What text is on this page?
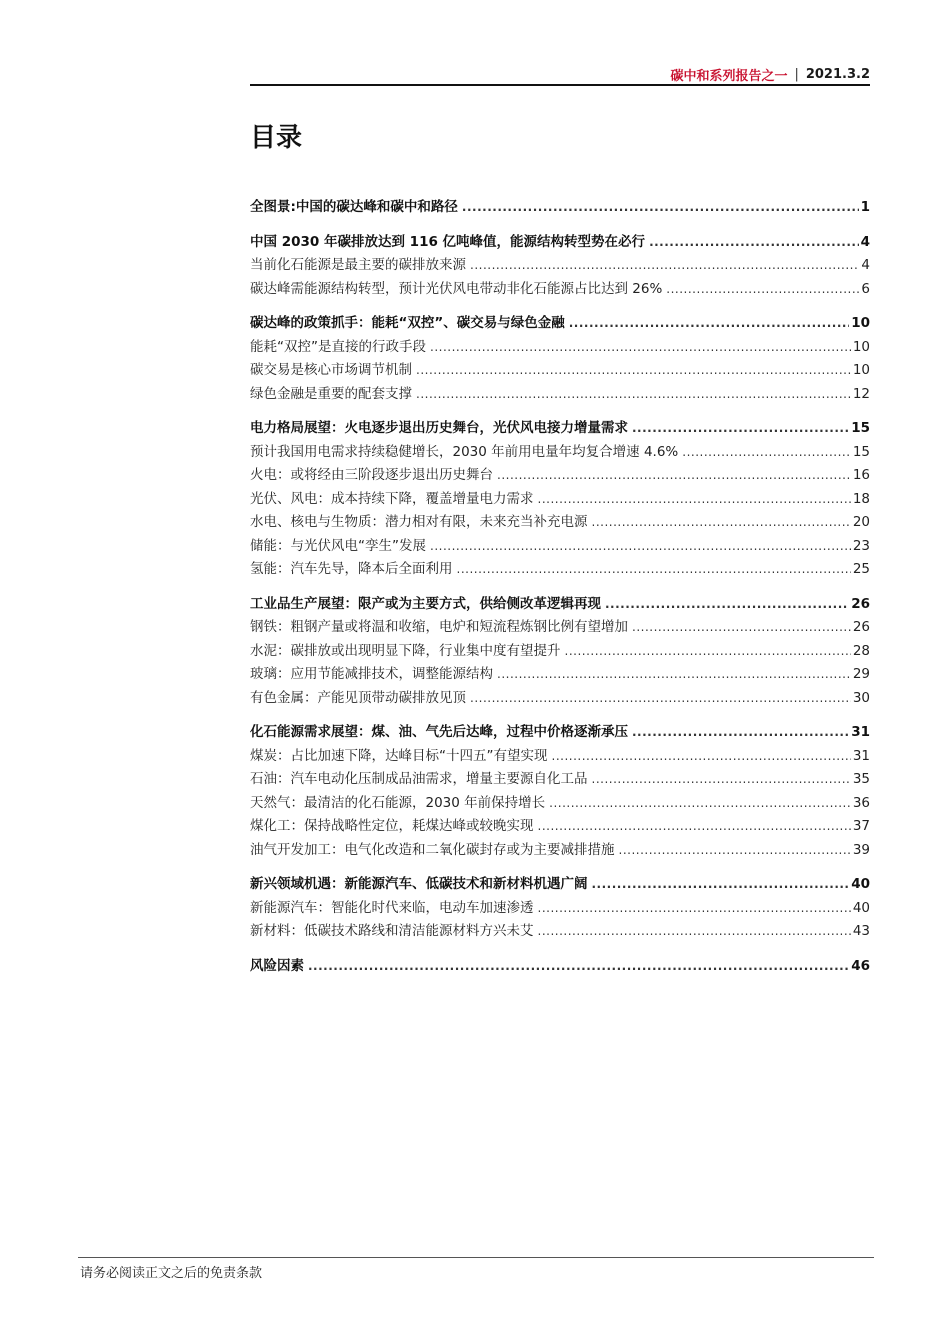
碳中和系列报告之一 | 2021.3.2
目录
全图景:中国的碳达峰和碳中和路径 .....	1
中国 2030 年碳排放达到 116 亿吨峰值，能源结构转型势在必行 .....	4
当前化石能源是最主要的碳排放来源 .....	4
碳达峰需能源结构转型，预计光伏风电带动非化石能源占比达到 26% .....	6
碳达峰的政策抓手：能耗“双控”、碳交易与绿色金融 .....	10
能耗“双控”是直接的行政手段 .....	10
碳交易是核心市场调节机制 .....	10
绿色金融是重要的配套支撑 .....	12
电力格局展望：火电逐步退出历史舞台，光伏风电接力增量需求 .....	15
预计我国用电需求持续稳健增长，2030 年前用电量年均复合增速 4.6% .....	15
火电：或将经由三阶段逐步退出历史舞台 .....	16
光伏、风电：成本持续下降，覆盖增量电力需求 .....	18
水电、核电与生物质：潜力相对有限，未来充当补充电源 .....	20
储能：与光伏风电“孪生”发展 .....	23
氢能：汽车先导，降本后全面利用 .....	25
工业品生产展望：限产或为主要方式，供给侧改革逻辑再现 .....	26
钢铁：粗钢产量或将温和收缩，电炉和短流程炼钢比例有望增加 .....	26
水泥：碳排放或出现明显下降，行业集中度有望提升 .....	28
玻璃：应用节能减排技术，调整能源结构 .....	29
有色金属：产能见顶带动碳排放见顶 .....	30
化石能源需求展望：煤、油、气先后达峰，过程中价格逐渐承压 .....	31
煤炭：占比加速下降，达峰目标“十四五”有望实现 .....	31
石油：汽车电动化压制成品油需求，增量主要源自化工品 .....	35
天然气：最清洁的化石能源，2030 年前保持增长 .....	36
煤化工：保持战略性定位，耗煤达峰或较晚实现 .....	37
油气开发加工：电气化改造和二氧化碳封存或为主要减排措施 .....	39
新兴领域机遇：新能源汽车、低碳技术和新材料机遇广阔 .....	40
新能源汽车：智能化时代来临，电动车加速渗透 .....	40
新材料：低碳技术路线和清洁能源材料方兴未艾 .....	43
风险因素 .....	46
请务必阅读正文之后的免责条款
